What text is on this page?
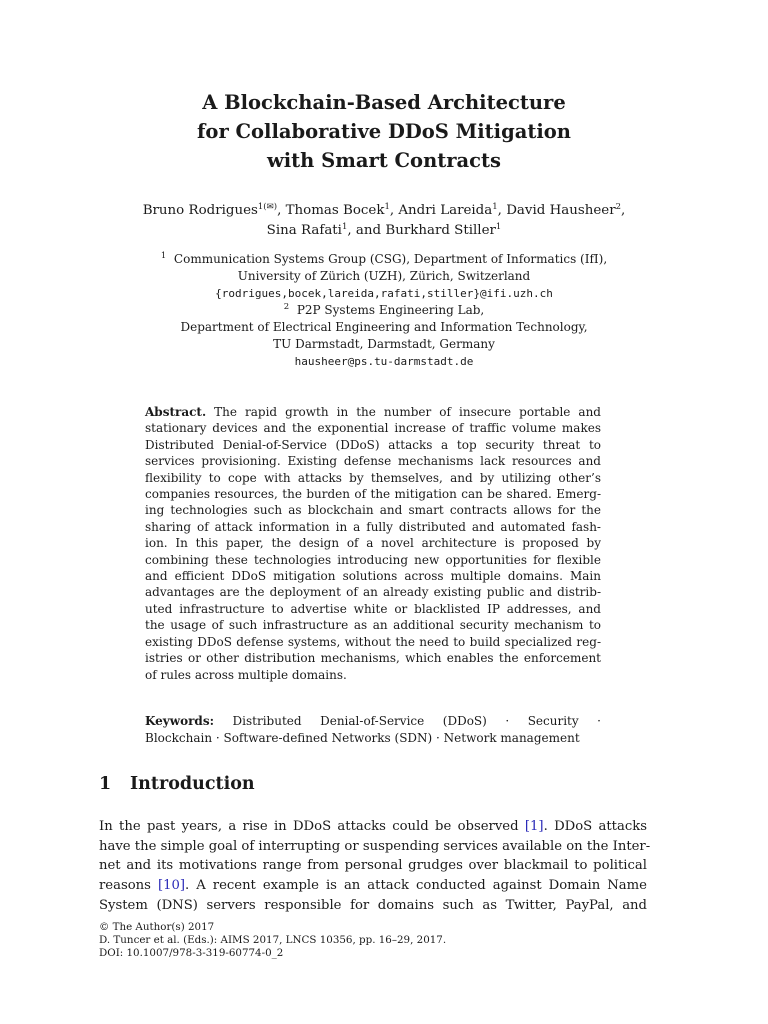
A Blockchain-Based Architecture
for Collaborative DDoS Mitigation
with Smart Contracts
Bruno Rodrigues$^{1(✉)}$, Thomas Bocek$^1$, Andri Lareida$^1$, David Hausheer$^2$,
Sina Rafati$^1$, and Burkhard Stiller$^1$
$^1$ Communication Systems Group (CSG), Department of Informatics (IfI),
University of Zürich (UZH), Zürich, Switzerland
{rodrigues,bocek,lareida,rafati,stiller}@ifi.uzh.ch
$^2$ P2P Systems Engineering Lab,
Department of Electrical Engineering and Information Technology,
TU Darmstadt, Darmstadt, Germany
hausheer@ps.tu-darmstadt.de
Abstract. The rapid growth in the number of insecure portable and
stationary devices and the exponential increase of traffic volume makes
Distributed Denial-of-Service (DDoS) attacks a top security threat to
services provisioning. Existing defense mechanisms lack resources and
flexibility to cope with attacks by themselves, and by utilizing other’s
companies resources, the burden of the mitigation can be shared. Emerg-
ing technologies such as blockchain and smart contracts allows for the
sharing of attack information in a fully distributed and automated fash-
ion. In this paper, the design of a novel architecture is proposed by
combining these technologies introducing new opportunities for flexible
and efficient DDoS mitigation solutions across multiple domains. Main
advantages are the deployment of an already existing public and distrib-
uted infrastructure to advertise white or blacklisted IP addresses, and
the usage of such infrastructure as an additional security mechanism to
existing DDoS defense systems, without the need to build specialized reg-
istries or other distribution mechanisms, which enables the enforcement
of rules across multiple domains.
Keywords: Distributed Denial-of-Service (DDoS) · Security ·
Blockchain · Software-defined Networks (SDN) · Network management
1 Introduction
In the past years, a rise in DDoS attacks could be observed [1]. DDoS attacks
have the simple goal of interrupting or suspending services available on the Inter-
net and its motivations range from personal grudges over blackmail to political
reasons [10]. A recent example is an attack conducted against Domain Name
System (DNS) servers responsible for domains such as Twitter, PayPal, and
© The Author(s) 2017
D. Tuncer et al. (Eds.): AIMS 2017, LNCS 10356, pp. 16–29, 2017.
DOI: 10.1007/978-3-319-60774-0_2
